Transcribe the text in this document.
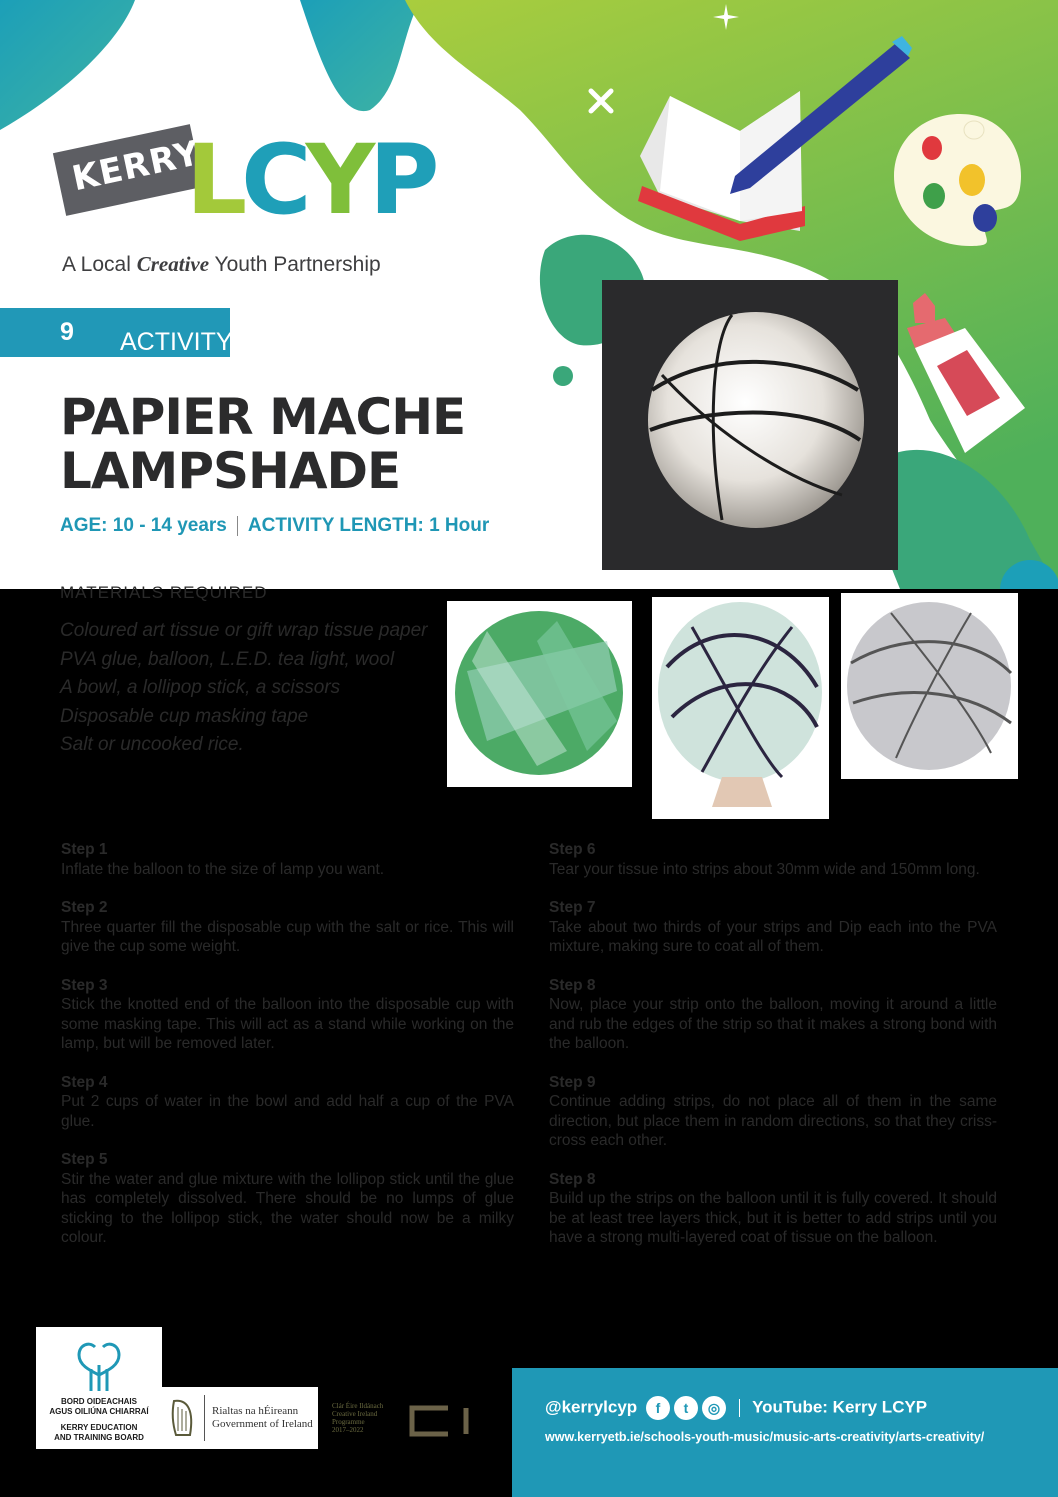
KERRY
LCYP
A Local Creative Youth Partnership
ACTIVITY
9
PAPIER MACHE
LAMPSHADE
AGE: 10 - 14 years ACTIVITY LENGTH: 1 Hour
MATERIALS REQUIRED
Coloured art tissue or gift wrap tissue paper
PVA glue, balloon, L.E.D. tea light, wool
A bowl, a lollipop stick, a scissors
Disposable cup masking tape
Salt or uncooked rice.
Step 1
Inflate the balloon to the size of lamp you want.
Step 2
Three quarter fill the disposable cup with the salt or rice. This will give the cup some weight.
Step 3
Stick the knotted end of the balloon into the disposable cup with some masking tape. This will act as a stand while working on the lamp, but will be removed later.
Step 4
Put 2 cups of water in the bowl and add half a cup of the PVA glue.
Step 5
Stir the water and glue mixture with the lollipop stick until the glue has completely dissolved. There should be no lumps of glue sticking to the lollipop stick, the water should now be a milky colour.
Step 6
Tear your tissue into strips about 30mm wide and 150mm long.
Step 7
Take about two thirds of your strips and Dip each into the PVA mixture, making sure to coat all of them.
Step 8
Now, place your strip onto the balloon, moving it around a little and rub the edges of the strip so that it makes a strong bond with the balloon.
Step 9
Continue adding strips, do not place all of them in the same direction, but place them in random directions, so that they criss-cross each other.
Step 8
Build up the strips on the balloon until it is fully covered. It should be at least tree layers thick, but it is better to add strips until you have a strong multi-layered coat of tissue on the balloon.
BORD OIDEACHAIS
AGUS OILIÚNA CHIARRAÍ
KERRY EDUCATION
AND TRAINING BOARD
Rialtas na hÉireann
Government of Ireland
Clár Éire Ildánach
Creative Ireland
Programme
2017–2022
@kerrylcyp f t ◎ YouTube: Kerry LCYP
www.kerryetb.ie/schools-youth-music/music-arts-creativity/arts-creativity/
